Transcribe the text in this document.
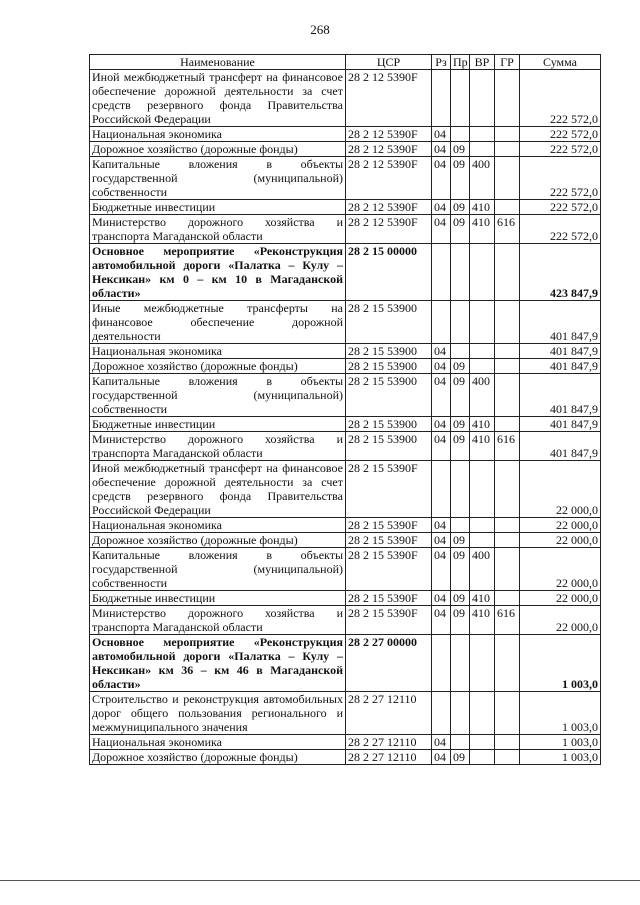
268
.
Наименование	ЦСР	Рз	Пр	ВР	ГР	Сумма
Иной межбюджетный трансферт на финансовое обеспечение дорожной деятельности за счет средств резервного фонда Правительства Российской Федерации	28 2 12 5390F					222 572,0
Национальная экономика	28 2 12 5390F	04				222 572,0
Дорожное хозяйство (дорожные фонды)	28 2 12 5390F	04	09			222 572,0
Капитальные вложения в объекты государственной (муниципальной) собственности	28 2 12 5390F	04	09	400		222 572,0
Бюджетные инвестиции	28 2 12 5390F	04	09	410		222 572,0
Министерство дорожного хозяйства и транспорта Магаданской области	28 2 12 5390F	04	09	410	616	222 572,0
Основное мероприятие «Реконструкция автомобильной дороги «Палатка – Кулу – Нексикан» км 0 – км 10 в Магаданской области»	28 2 15 00000					423 847,9
Иные межбюджетные трансферты на финансовое обеспечение дорожной деятельности	28 2 15 53900					401 847,9
Национальная экономика	28 2 15 53900	04				401 847,9
Дорожное хозяйство (дорожные фонды)	28 2 15 53900	04	09			401 847,9
Капитальные вложения в объекты государственной (муниципальной) собственности	28 2 15 53900	04	09	400		401 847,9
Бюджетные инвестиции	28 2 15 53900	04	09	410		401 847,9
Министерство дорожного хозяйства и транспорта Магаданской области	28 2 15 53900	04	09	410	616	401 847,9
Иной межбюджетный трансферт на финансовое обеспечение дорожной деятельности за счет средств резервного фонда Правительства Российской Федерации	28 2 15 5390F					22 000,0
Национальная экономика	28 2 15 5390F	04				22 000,0
Дорожное хозяйство (дорожные фонды)	28 2 15 5390F	04	09			22 000,0
Капитальные вложения в объекты государственной (муниципальной) собственности	28 2 15 5390F	04	09	400		22 000,0
Бюджетные инвестиции	28 2 15 5390F	04	09	410		22 000,0
Министерство дорожного хозяйства и транспорта Магаданской области	28 2 15 5390F	04	09	410	616	22 000,0
Основное мероприятие «Реконструкция автомобильной дороги «Палатка – Кулу – Нексикан» км 36 – км 46 в Магаданской области»	28 2 27 00000					1 003,0
Строительство и реконструкция автомобильных дорог общего пользования регионального и межмуниципального значения	28 2 27 12110					1 003,0
Национальная экономика	28 2 27 12110	04				1 003,0
Дорожное хозяйство (дорожные фонды)	28 2 27 12110	04	09			1 003,0
